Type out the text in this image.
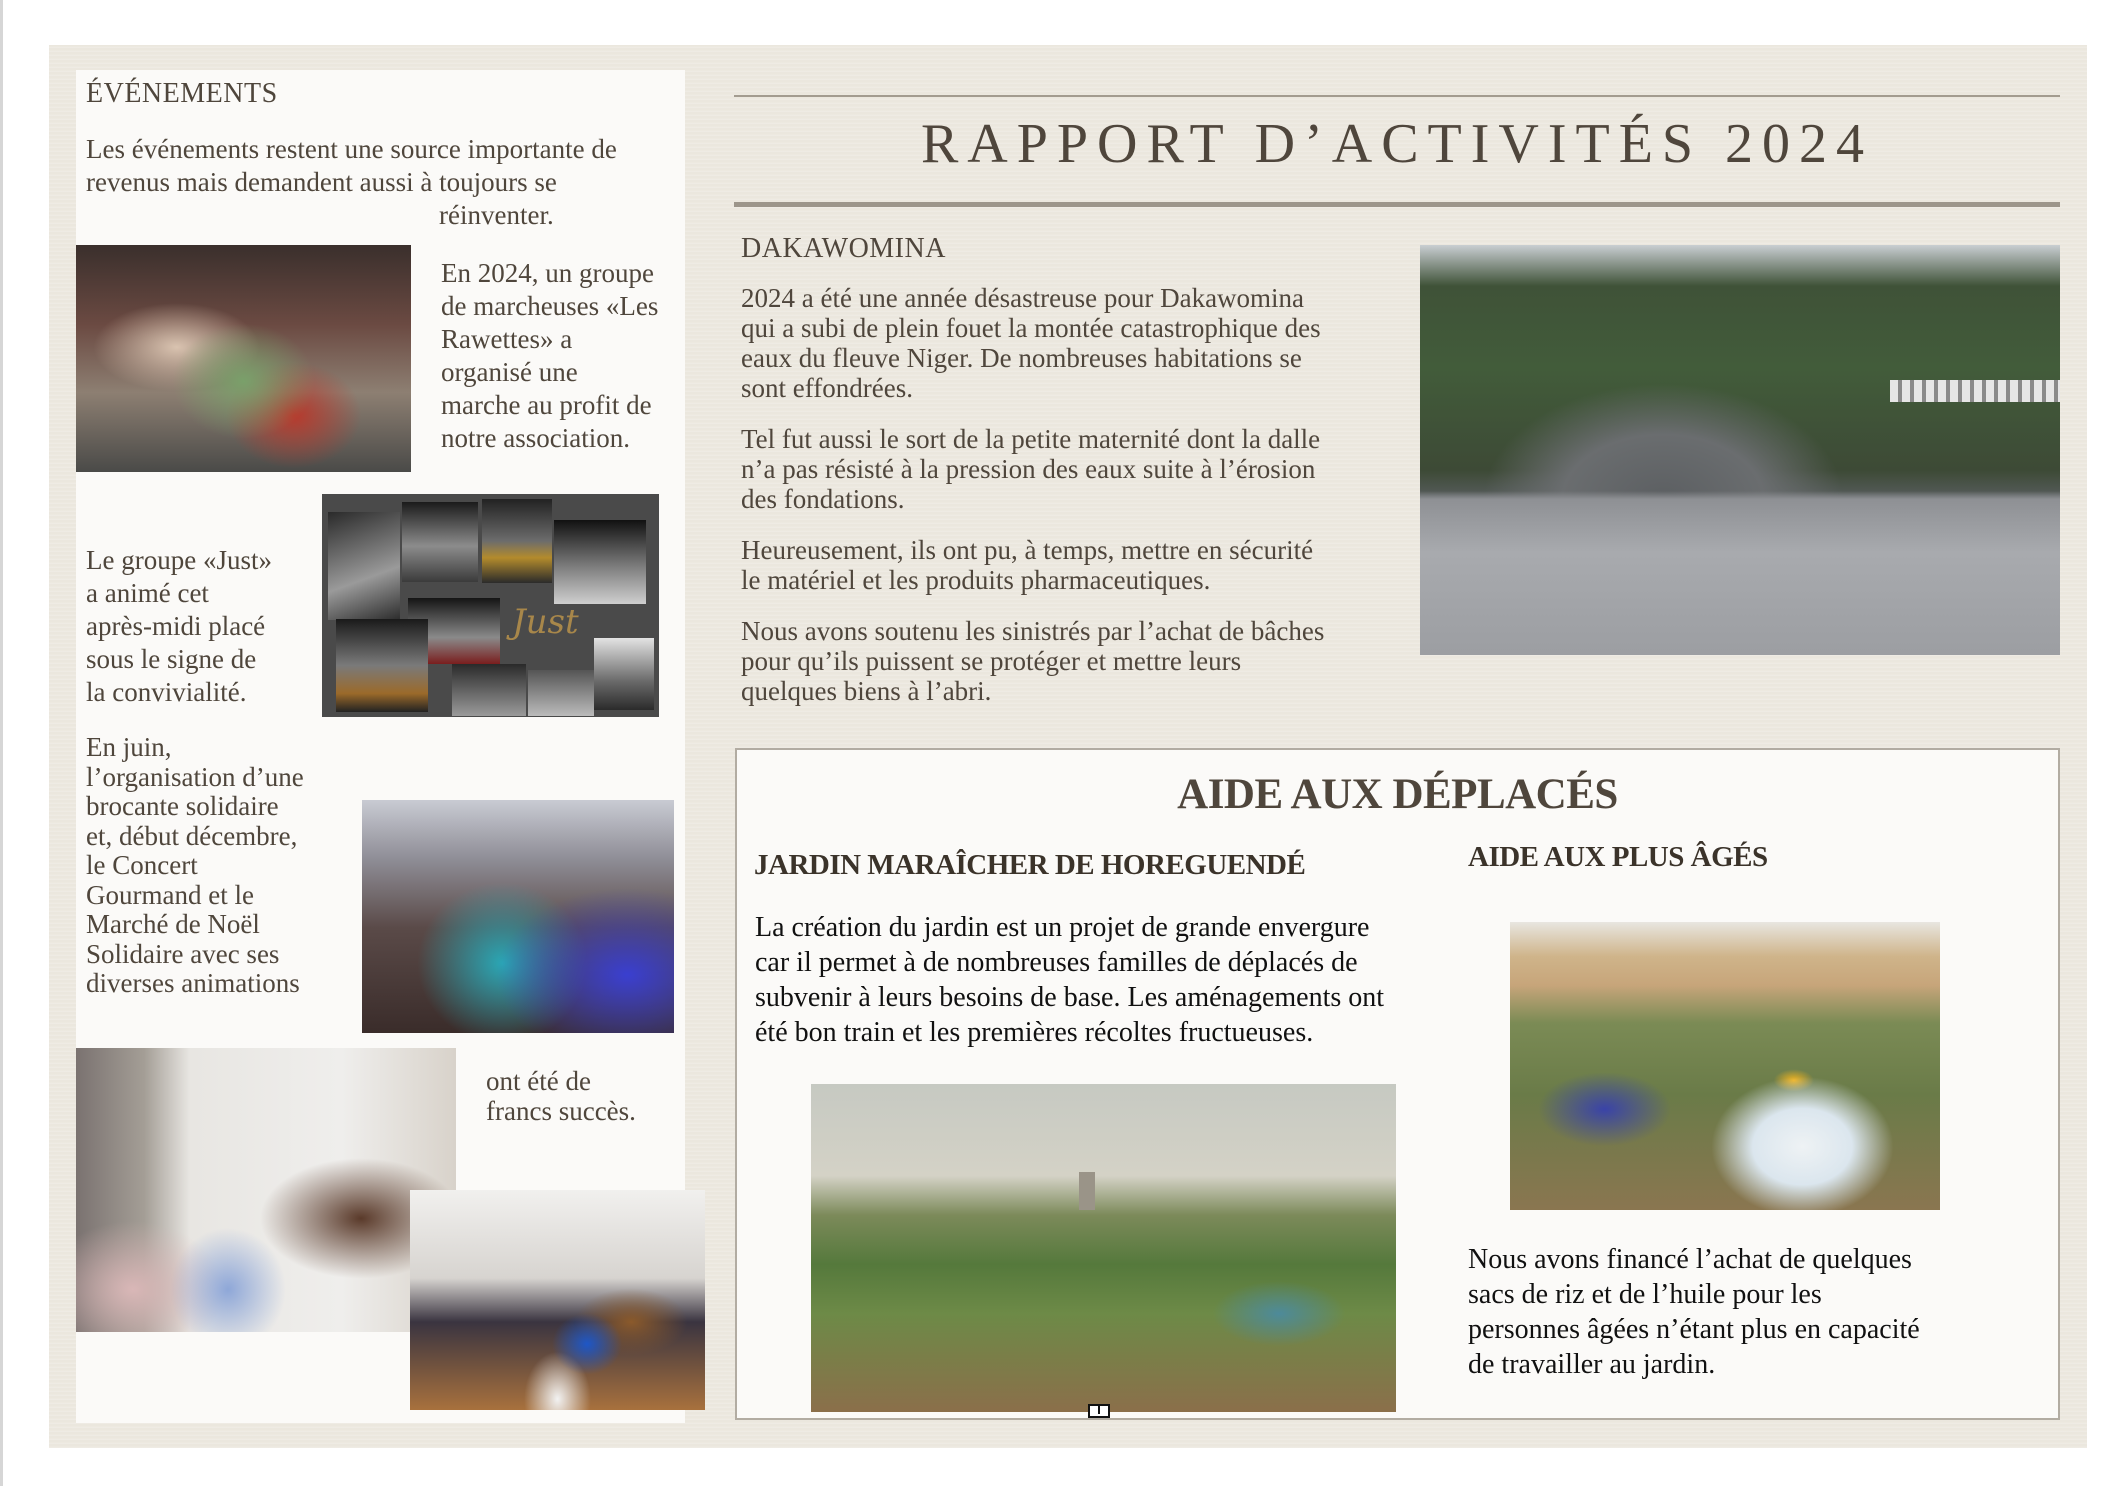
ÉVÉNEMENTS
Les événements restent une source importante de
revenus mais demandent aussi à toujours se
réinventer.
En 2024, un groupe
de marcheuses «Les
Rawettes» a
organisé une
marche au profit de
notre association.
Just
Le groupe «Just»
a animé cet
après-midi placé
sous le signe de
la convivialité.
En juin,
l’organisation d’une
brocante solidaire
et, début décembre,
le Concert
Gourmand et le
Marché de Noël
Solidaire avec ses
diverses animations
ont été de
francs succès.
RAPPORT D’ACTIVITÉS 2024
DAKAWOMINA
2024 a été une année désastreuse pour Dakawomina
qui a subi de plein fouet la montée catastrophique des
eaux du fleuve Niger. De nombreuses habitations se
sont effondrées.
Tel fut aussi le sort de la petite maternité dont la dalle
n’a pas résisté à la pression des eaux suite à l’érosion
des fondations.
Heureusement, ils ont pu, à temps, mettre en sécurité
le matériel et les produits pharmaceutiques.
Nous avons soutenu les sinistrés par l’achat de bâches
pour qu’ils puissent se protéger et mettre leurs
quelques biens à l’abri.
AIDE AUX DÉPLACÉS
JARDIN MARAÎCHER DE HOREGUENDÉ
La création du jardin est un projet de grande envergure
car il permet à de nombreuses familles de déplacés de
subvenir à leurs besoins de base. Les aménagements ont
été bon train et les premières récoltes fructueuses.
AIDE AUX PLUS ÂGÉS
Nous avons financé l’achat de quelques
sacs de riz et de l’huile pour les
personnes âgées n’étant plus en capacité
de travailler au jardin.
